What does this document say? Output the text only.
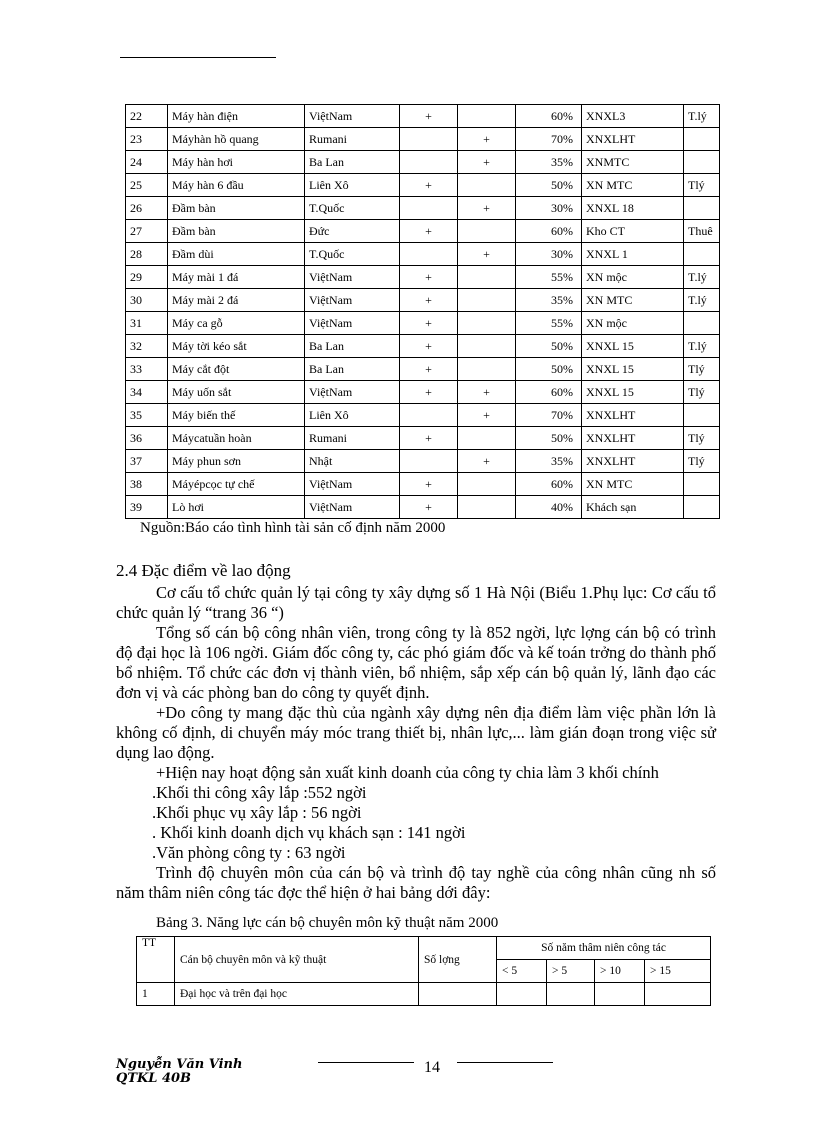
22	Máy hàn điện	ViệtNam	+		60%	XNXL3	T.lý
23	Máyhàn hồ quang	Rumani		+	70%	XNXLHT	
24	Máy hàn hơi	Ba Lan		+	35%	XNMTC	
25	Máy hàn 6 đầu	Liên Xô	+		50%	XN MTC	Tlý
26	Đầm bàn	T.Quốc		+	30%	XNXL 18	
27	Đầm bàn	Đức	+		60%	Kho CT	Thuê
28	Đầm dùi	T.Quốc		+	30%	XNXL 1	
29	Máy mài 1 đá	ViệtNam	+		55%	XN mộc	T.lý
30	Máy mài 2 đá	ViệtNam	+		35%	XN MTC	T.lý
31	Máy ca gỗ	ViệtNam	+		55%	XN mộc	
32	Máy tời kéo sắt	Ba Lan	+		50%	XNXL 15	T.lý
33	Máy cắt đột	Ba Lan	+		50%	XNXL 15	Tlý
34	Máy uốn sắt	ViệtNam	+	+	60%	XNXL 15	Tlý
35	Máy biến thế	Liên Xô		+	70%	XNXLHT	
36	Máycatuần hoàn	Rumani	+		50%	XNXLHT	Tlý
37	Máy phun sơn	Nhật		+	35%	XNXLHT	Tlý
38	Máyépcọc tự chế	ViệtNam	+		60%	XN MTC	
39	Lò hơi	ViệtNam	+		40%	Khách sạn	
Nguồn:Báo cáo tình hình tài sản cố định năm 2000
2.4 Đặc điểm về lao động

Cơ cấu tổ chức quản lý tại công ty xây dựng số 1 Hà Nội (Biểu 1.Phụ lục: Cơ cấu tổ chức quản lý “trang 36 “)

Tổng số cán bộ công nhân viên, trong công ty là 852 ngời, lực lợng cán bộ có trình độ đại học là 106 ngời. Giám đốc công ty, các phó giám đốc và kế toán trởng do thành phố bổ nhiệm. Tổ chức các đơn vị thành viên, bổ nhiệm, sắp xếp cán bộ quản lý, lãnh đạo các đơn vị và các phòng ban do công ty quyết định.

+Do công ty mang đặc thù của ngành xây dựng nên địa điểm làm việc phần lớn là không cố định, di chuyển máy móc trang thiết bị, nhân lực,... làm gián đoạn trong việc sử dụng lao động.

+Hiện nay hoạt động sản xuất kinh doanh của công ty chia làm 3 khối chính

.Khối thi công xây lắp :552 ngời

.Khối phục vụ xây lắp : 56 ngời

. Khối kinh doanh dịch vụ khách sạn : 141 ngời

.Văn phòng công ty : 63 ngời

Trình độ chuyên môn của cán bộ và trình độ tay nghề của công nhân cũng nh số năm thâm niên công tác đợc thể hiện ở hai bảng dới đây:

Bảng 3. Năng lực cán bộ chuyên môn kỹ thuật năm 2000
TT	Cán bộ chuyên môn và kỹ thuật	Số lợng	Số năm thâm niên công tác			
			< 5	> 5	> 10	> 15
1	Đại học và trên đại học					
Nguyễn Văn Vinh
QTKL 40B
14
